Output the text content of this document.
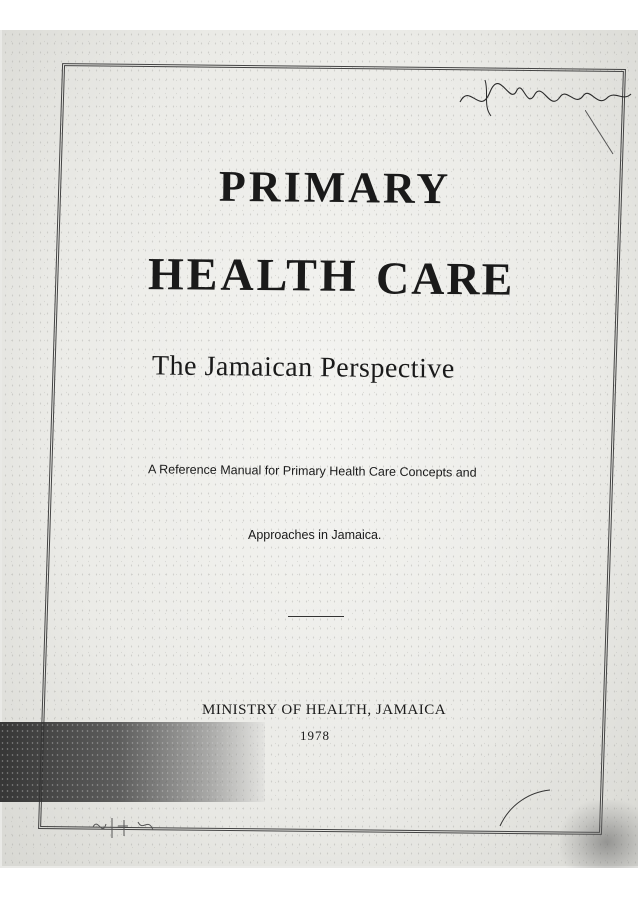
PRIMARY
HEALTH CARE
The Jamaican Perspective
A Reference Manual for Primary Health Care Concepts and
Approaches in Jamaica.
MINISTRY OF HEALTH, JAMAICA
1978
